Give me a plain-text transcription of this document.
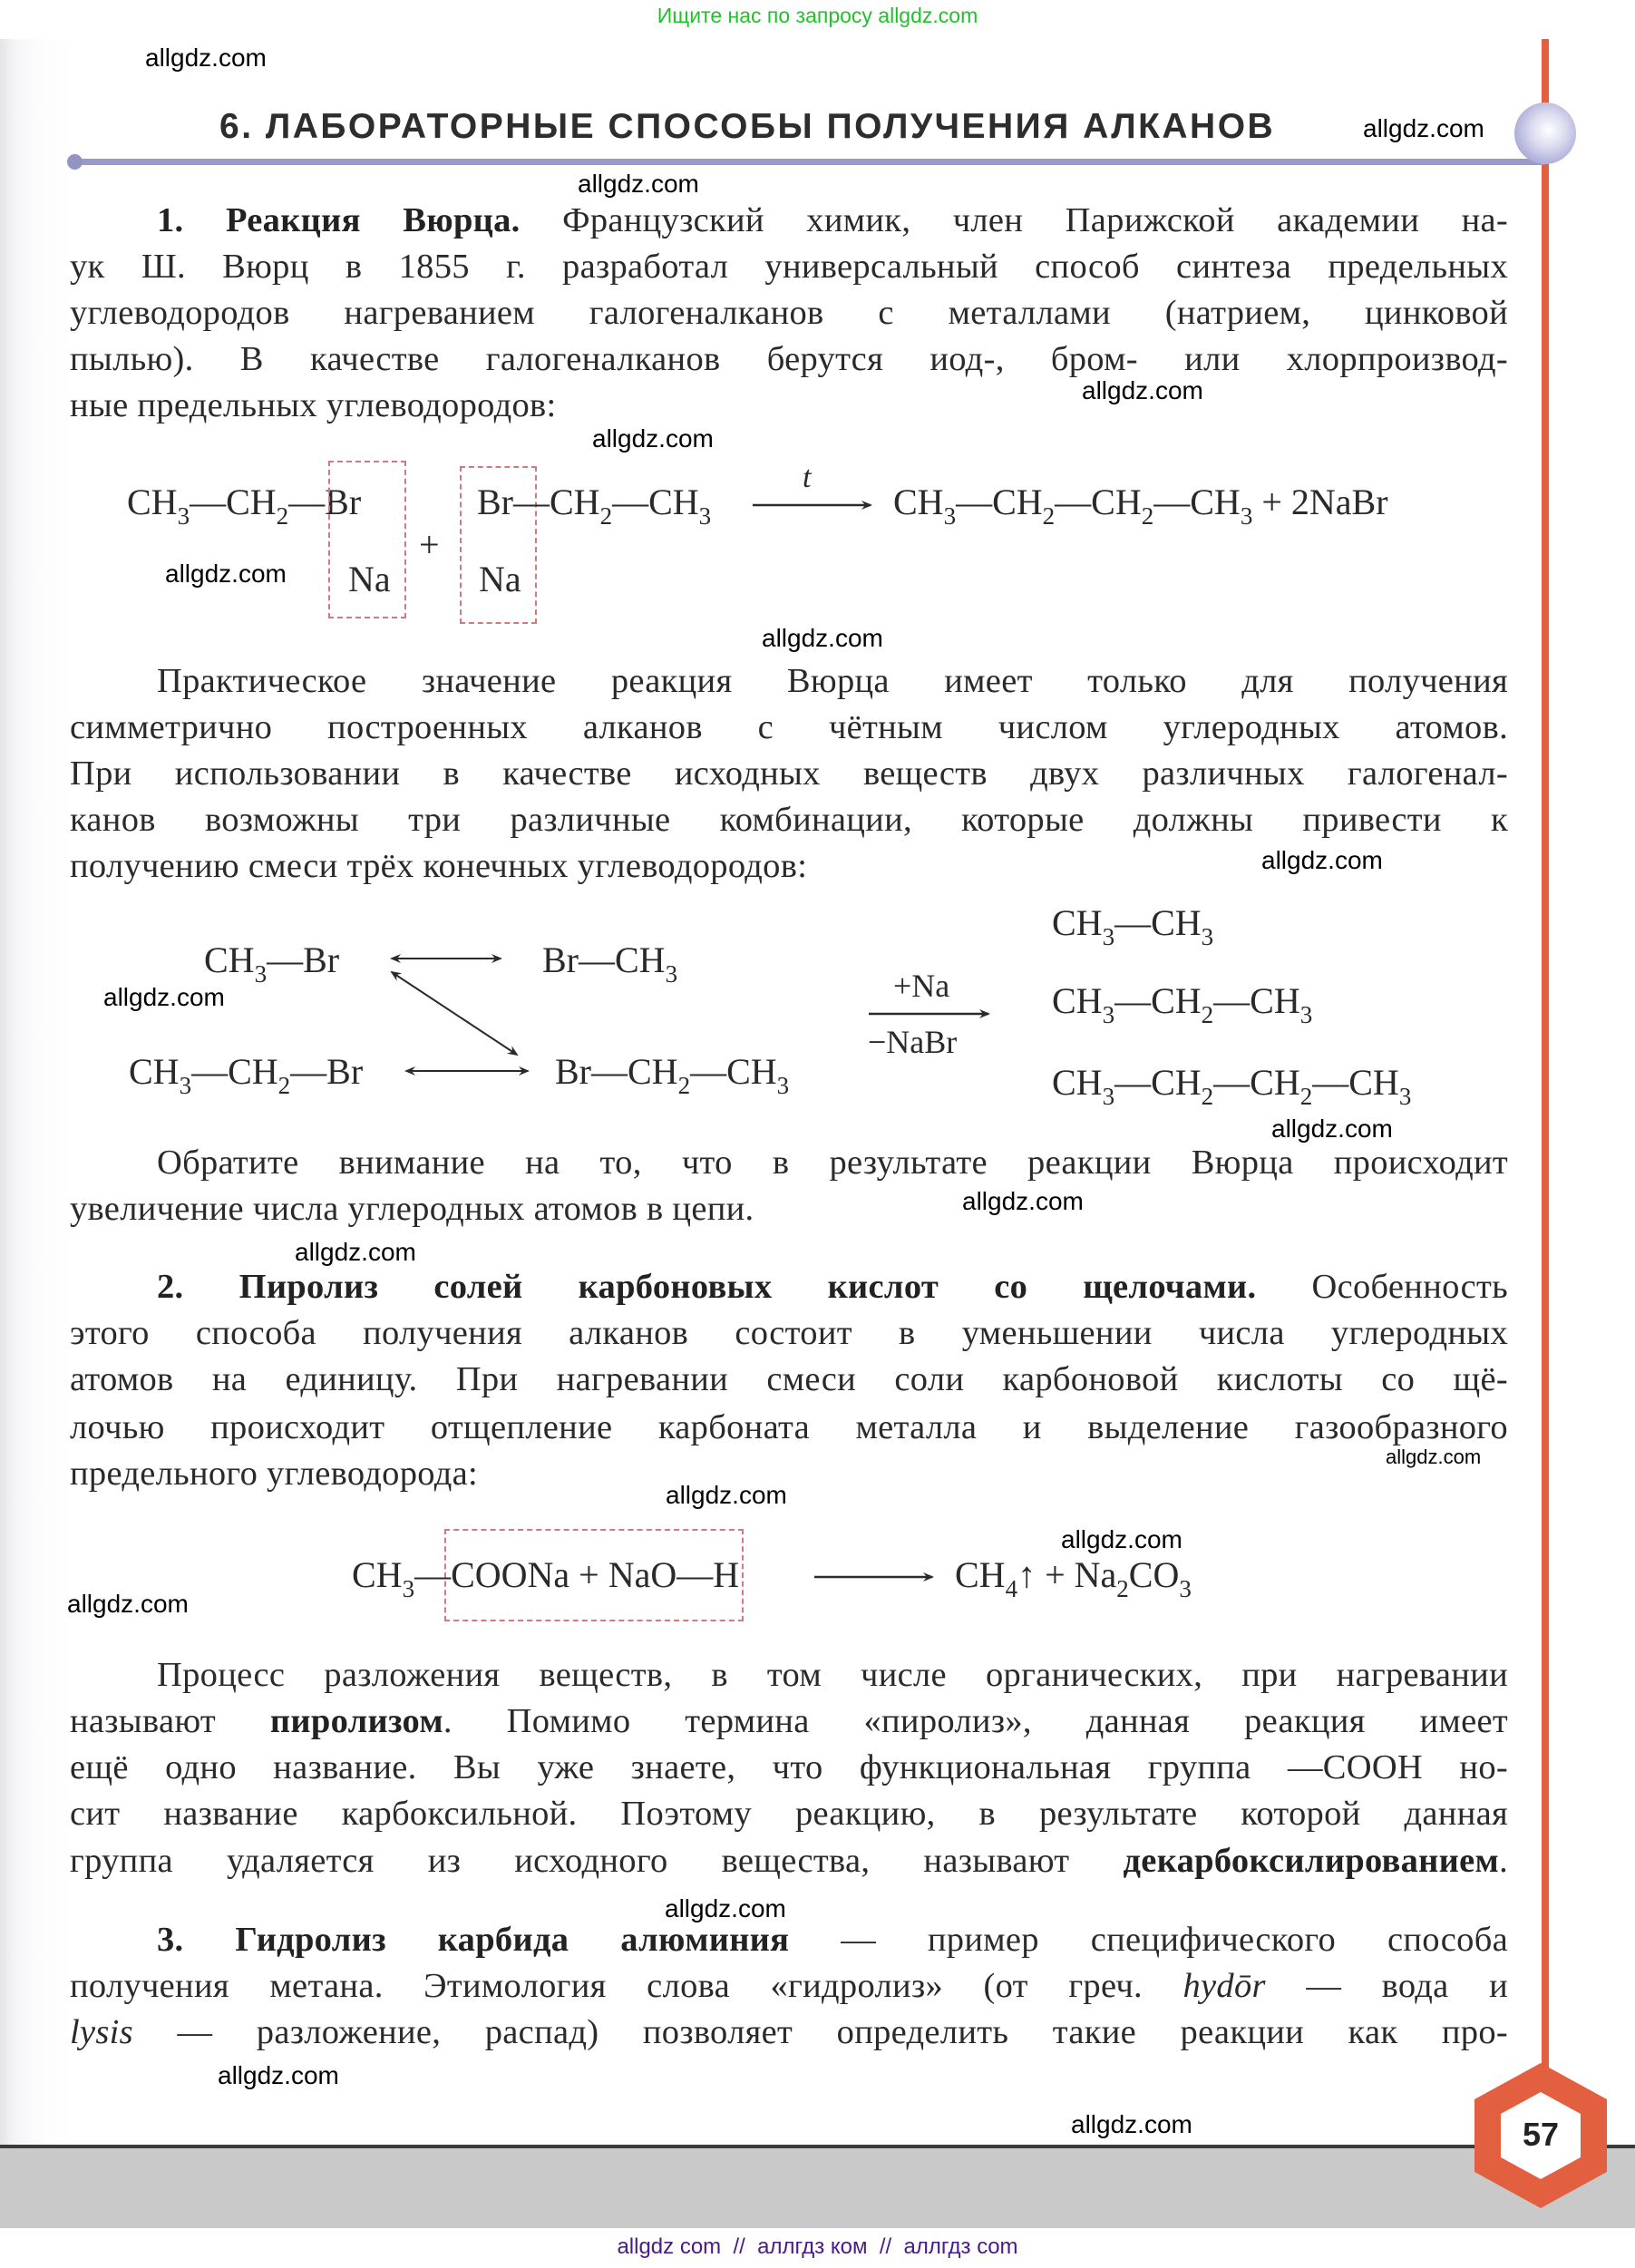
Ищите нас по запросу allgdz.com
6. ЛАБОРАТОРНЫЕ СПОСОБЫ ПОЛУЧЕНИЯ АЛКАНОВ
1. Реакция Вюрца. Французский химик, член Парижской академии на-
ук Ш. Вюрц в 1855 г. разработал универсальный способ синтеза предельных
углеводородов нагреванием галогеналканов с металлами (натрием, цинковой
пылью). В качестве галогеналканов берутся иод-, бром- или хлорпроизвод-
ные предельных углеводородов:
$CH_3—CH_2—Br$
Na
+
$Br—CH_2—CH_3$
Na
t
$CH_3—CH_2—CH_2—CH_3$ + 2NaBr
Практическое значение реакция Вюрца имеет только для получения
симметрично построенных алканов с чётным числом углеродных атомов.
При использовании в качестве исходных веществ двух различных галогенал-
канов возможны три различные комбинации, которые должны привести к
получению смеси трёх конечных углеводородов:
$CH_3—Br$	$Br—CH_3$
$CH_3—CH_2—Br$	$Br—CH_2—CH_3$
+Na
−NaBr
$CH_3—CH_3$
$CH_3—CH_2—CH_3$
$CH_3—CH_2—CH_2—CH_3$
Обратите внимание на то, что в результате реакции Вюрца происходит
увеличение числа углеродных атомов в цепи.
2. Пиролиз солей карбоновых кислот со щелочами. Особенность
этого способа получения алканов состоит в уменьшении числа углеродных
атомов на единицу. При нагревании смеси соли карбоновой кислоты со щё-
лочью происходит отщепление карбоната металла и выделение газообразного
предельного углеводорода:
$CH_3—COONa$ + NaO—H	$CH_4↑ + Na_2CO_3$
Процесс разложения веществ, в том числе органических, при нагревании
называют пиролизом. Помимо термина «пиролиз», данная реакция имеет
ещё одно название. Вы уже знаете, что функциональная группа —COOH но-
сит название карбоксильной. Поэтому реакцию, в результате которой данная
группа удаляется из исходного вещества, называют декарбоксилированием.
3. Гидролиз карбида алюминия — пример специфического способа
получения метана. Этимология слова «гидролиз» (от греч. hydōr — вода и
lysis — разложение, распад) позволяет определить такие реакции как про-
allgdz.com
allgdz.com
allgdz.com
allgdz.com
allgdz.com
allgdz.com
allgdz.com
allgdz.com
allgdz.com
allgdz.com
allgdz.com
allgdz.com
allgdz.com
allgdz.com
allgdz.com
allgdz.com
allgdz.com
allgdz.com
allgdz.com	57
allgdz com  //  аллгдз ком  //  аллгдз com
